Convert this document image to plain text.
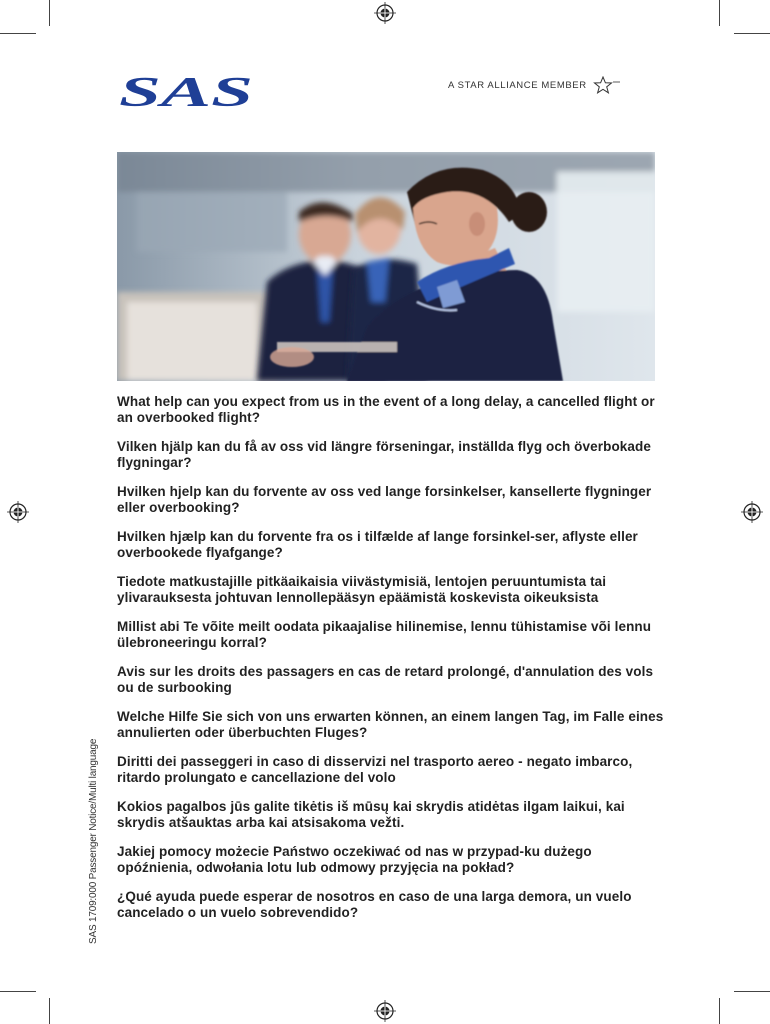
SAS	A STAR ALLIANCE MEMBER

What help can you expect from us in the event of a long delay, a cancelled flight or an overbooked flight?

Vilken hjälp kan du få av oss vid längre förseningar, inställda flyg och överbokade flygningar?

Hvilken hjelp kan du forvente av oss ved lange forsinkelser, kansellerte flygninger eller overbooking?

Hvilken hjælp kan du forvente fra os i tilfælde af lange forsinkel-ser, aflyste eller overbookede flyafgange?

Tiedote matkustajille pitkäaikaisia viivästymisiä, lentojen peruuntumista tai ylivarauksesta johtuvan lennollepääsyn epäämistä koskevista oikeuksista

Millist abi Te võite meilt oodata pikaajalise hilinemise, lennu tühistamise või lennu ülebroneeringu korral?

Avis sur les droits des passagers en cas de retard prolongé, d'annulation des vols ou de surbooking

Welche Hilfe Sie sich von uns erwarten können, an einem langen Tag, im Falle eines annulierten oder überbuchten Fluges?

Diritti dei passeggeri in caso di disservizi nel trasporto aereo - negato imbarco, ritardo prolungato e cancellazione del volo

Kokios pagalbos jūs galite tikėtis iš mūsų kai skrydis atidėtas ilgam laikui, kai skrydis atšauktas arba kai atsisakoma vežti.

Jakiej pomocy możecie Państwo oczekiwać od nas w przypad-ku dużego opóźnienia, odwołania lotu lub odmowy przyjęcia na pokład?

¿Qué ayuda puede esperar de nosotros en caso de una larga demora, un vuelo cancelado o un vuelo sobrevendido?

SAS 1709:000 Passenger Notice/Multi language
